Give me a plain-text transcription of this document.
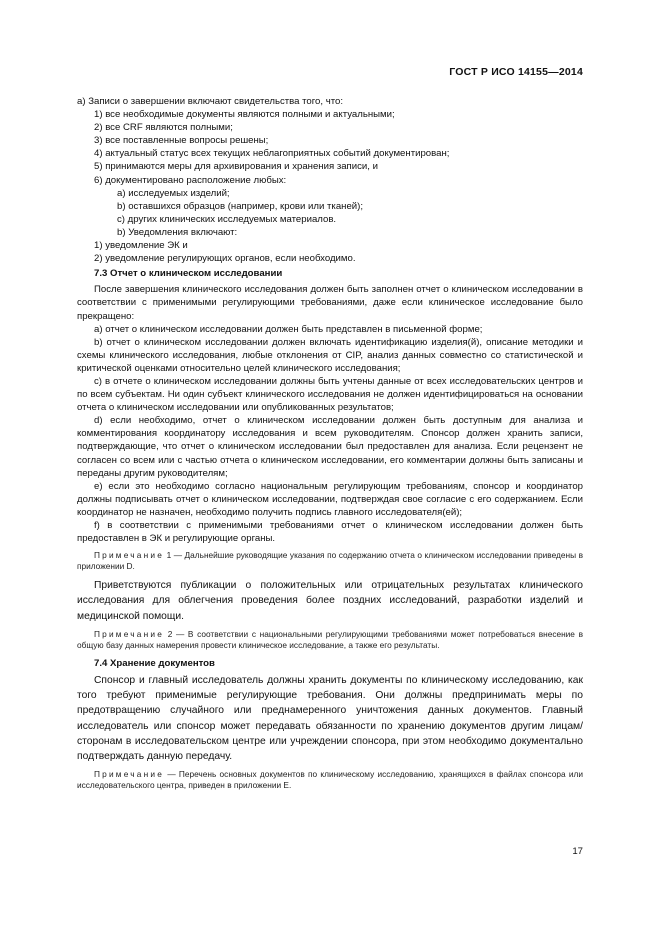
ГОСТ Р ИСО 14155—2014

а) Записи о завершении включают свидетельства того, что:

1) все необходимые документы являются полными и актуальными;

2) все CRF являются полными;

3) все поставленные вопросы решены;

4) актуальный статус всех текущих неблагоприятных событий документирован;

5) принимаются меры для архивирования и хранения записи, и

6) документировано расположение любых:

a) исследуемых изделий;

b) оставшихся образцов (например, крови или тканей);

c) других клинических исследуемых материалов.

b) Уведомления включают:

1) уведомление ЭК и

2) уведомление регулирующих органов, если необходимо.

7.3 Отчет о клиническом исследовании

После завершения клинического исследования должен быть заполнен отчет о клиническом исследовании в соответствии с применимыми регулирующими требованиями, даже если клиническое исследование было прекращено:

a) отчет о клиническом исследовании должен быть представлен в письменной форме;

b) отчет о клиническом исследовании должен включать идентификацию изделия(й), описание методики и схемы клинического исследования, любые отклонения от CIP, анализ данных совместно со статистической и критической оценками относительно целей клинического исследования;

c) в отчете о клиническом исследовании должны быть учтены данные от всех исследовательских центров и по всем субъектам. Ни один субъект клинического исследования не должен идентифицироваться на основании отчета о клиническом исследовании или опубликованных результатов;

d) если необходимо, отчет о клиническом исследовании должен быть доступным для анализа и комментирования координатору исследования и всем руководителям. Спонсор должен хранить записи, подтверждающие, что отчет о клиническом исследовании был предоставлен для анализа. Если рецензент не согласен со всем или с частью отчета о клиническом исследовании, его комментарии должны быть записаны и переданы другим руководителям;

e) если это необходимо согласно национальным регулирующим требованиям, спонсор и координатор должны подписывать отчет о клиническом исследовании, подтверждая свое согласие с его содержанием. Если координатор не назначен, необходимо получить подпись главного исследователя(ей);

f) в соответствии с применимыми требованиями отчет о клиническом исследовании должен быть предоставлен в ЭК и регулирующие органы.

Примечание 1 — Дальнейшие руководящие указания по содержанию отчета о клиническом исследовании приведены в приложении D.

Приветствуются публикации о положительных или отрицательных результатах клинического исследования для облегчения проведения более поздних исследований, разработки изделий и медицинской помощи.

Примечание 2 — В соответствии с национальными регулирующими требованиями может потребоваться внесение в общую базу данных намерения провести клиническое исследование, а также его результаты.

7.4 Хранение документов

Спонсор и главный исследователь должны хранить документы по клиническому исследованию, как того требуют применимые регулирующие требования. Они должны предпринимать меры по предотвращению случайного или преднамеренного уничтожения данных документов. Главный исследователь или спонсор может передавать обязанности по хранению документов другим лицам/сторонам в исследовательском центре или учреждении спонсора, при этом необходимо документально подтверждать данную передачу.

Примечание — Перечень основных документов по клиническому исследованию, хранящихся в файлах спонсора или исследовательского центра, приведен в приложении E.

17
